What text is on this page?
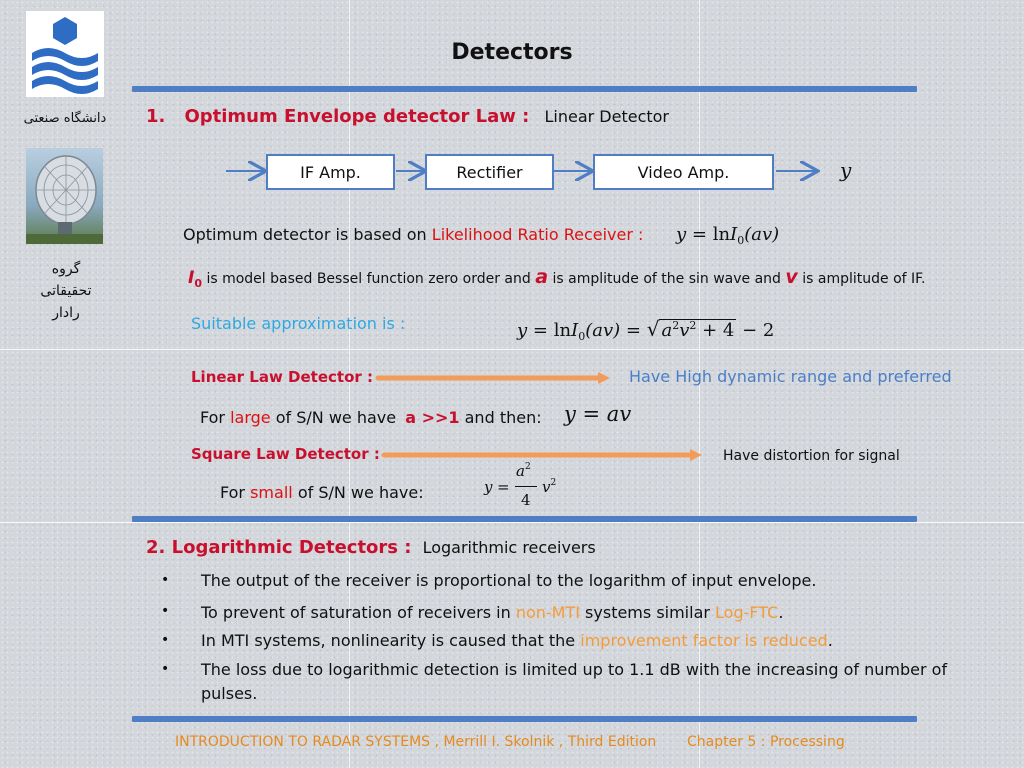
دانشگاه صنعتی
گروه
تحقیقاتی
رادار
Detectors
1. Optimum Envelope detector Law : Linear Detector
IF Amp.	Rectifier	Video Amp.	y
Optimum detector is based on Likelihood Ratio Receiver : y = lnI$_0$(av)
$I_0$ is model based Bessel function zero order and a is amplitude of the sin wave and v is amplitude of IF.
Suitable approximation is :	y = lnI$_0$(av) = √ $a^2v^2 + 4 - 2$
Linear Law Detector :	Have High dynamic range and preferred
For large of S/N we have a >>1 and then: y = av
Square Law Detector :	Have distortion for signal
For small of S/N we have:	y =
$a^2$
4
$v^2$
2. Logarithmic Detectors : Logarithmic receivers
• The output of the receiver is proportional to the logarithm of input envelope.
• To prevent of saturation of receivers in non-MTI systems similar Log-FTC.
• In MTI systems, nonlinearity is caused that the improvement factor is reduced.
• The loss due to logarithmic detection is limited up to 1.1 dB with the increasing of number of pulses.
INTRODUCTION TO RADAR SYSTEMS , Merrill I. Skolnik , Third Edition Chapter 5 : Processing
